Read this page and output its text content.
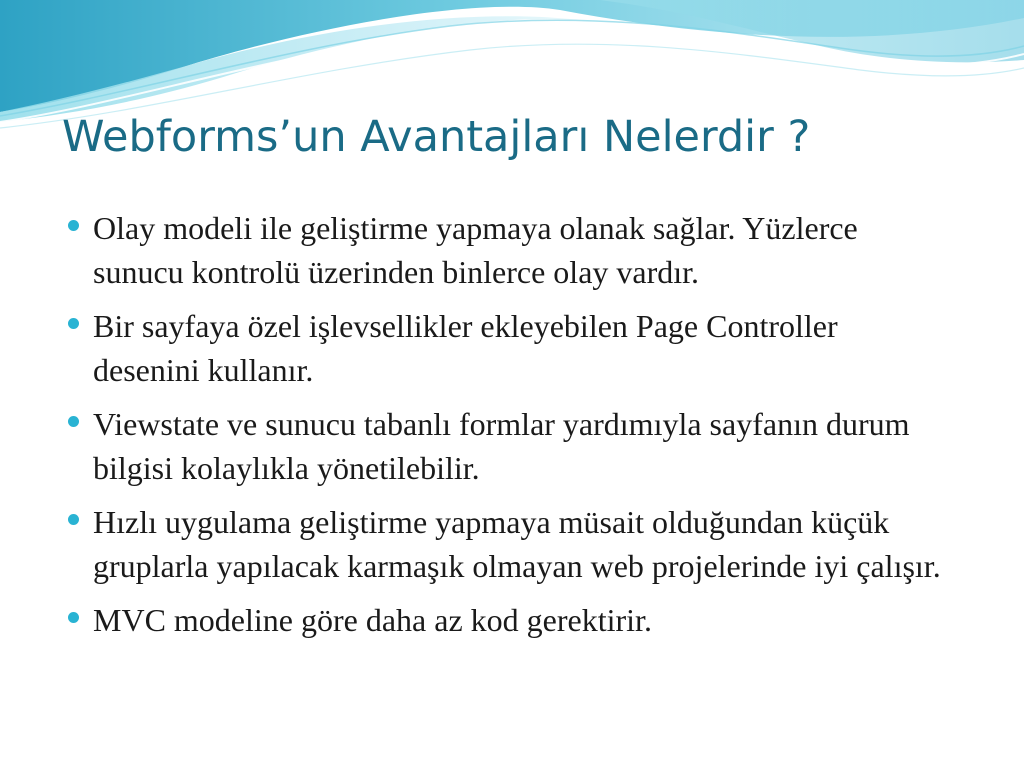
Webforms’un Avantajları Nelerdir ?
Olay modeli ile geliştirme yapmaya olanak sağlar. Yüzlerce sunucu kontrolü üzerinden binlerce olay vardır.
Bir sayfaya özel işlevsellikler ekleyebilen Page Controller desenini kullanır.
Viewstate ve sunucu tabanlı formlar yardımıyla sayfanın durum bilgisi kolaylıkla yönetilebilir.
Hızlı uygulama geliştirme yapmaya müsait olduğundan küçük gruplarla yapılacak karmaşık olmayan web projelerinde iyi çalışır.
MVC modeline göre daha az kod gerektirir.
